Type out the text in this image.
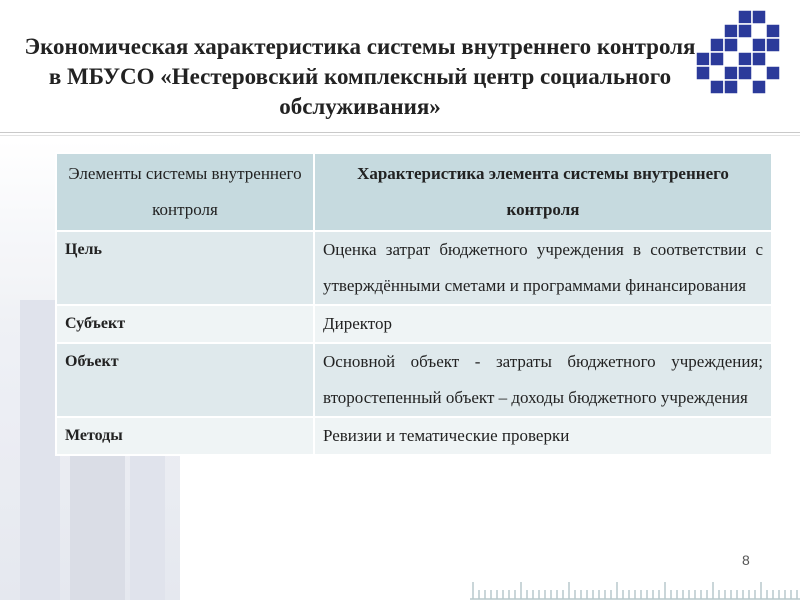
Экономическая характеристика системы внутреннего контроля в МБУСО «Нестеровский комплексный центр социального обслуживания»
Элементы системы внутреннего контроля	Характеристика элемента системы внутреннего контроля
Цель	Оценка затрат бюджетного учреждения в соответствии с утверждёнными сметами и программами финансирования
Субъект	Директор
Объект	Основной объект - затраты бюджетного учреждения; второстепенный объект – доходы бюджетного учреждения
Методы	Ревизии и тематические проверки
8
